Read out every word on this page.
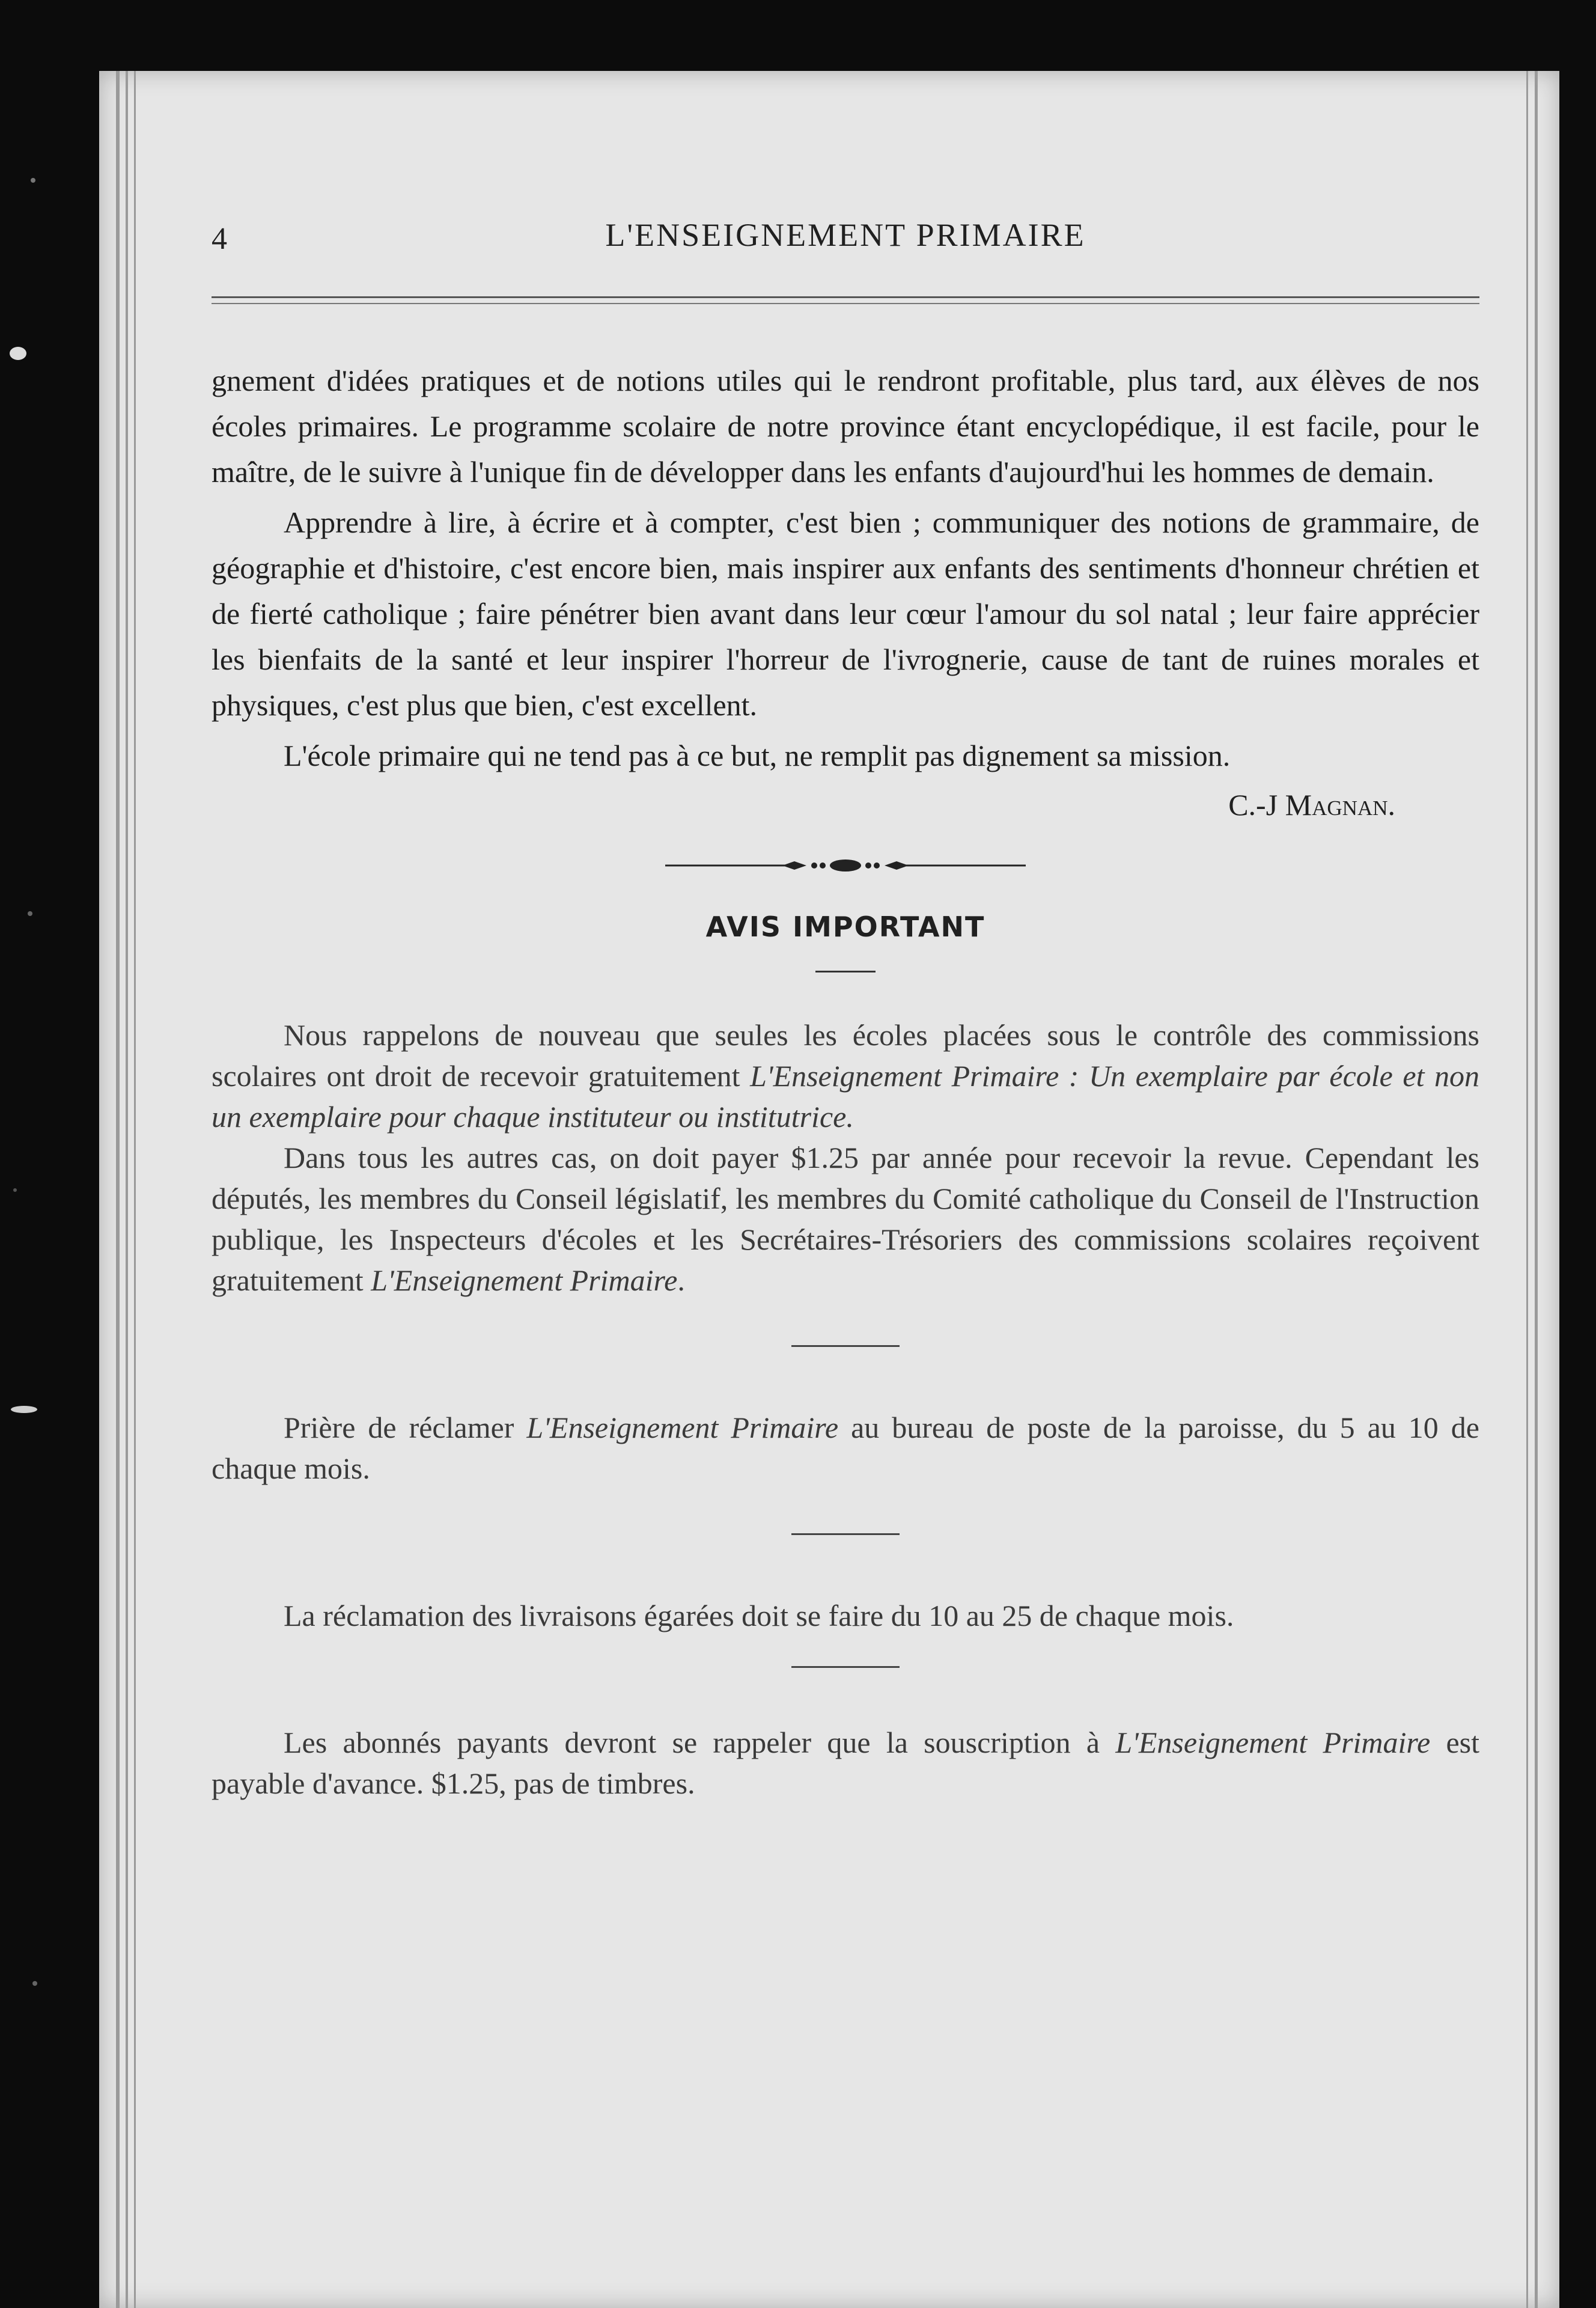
4	L'ENSEIGNEMENT PRIMAIRE

gnement d'idées pratiques et de notions utiles qui le rendront profitable, plus tard, aux élèves de nos écoles primaires. Le programme scolaire de notre province étant encyclopédique, il est facile, pour le maître, de le suivre à l'unique fin de développer dans les enfants d'aujourd'hui les hommes de demain.

Apprendre à lire, à écrire et à compter, c'est bien ; communiquer des notions de grammaire, de géographie et d'histoire, c'est encore bien, mais inspirer aux enfants des sentiments d'honneur chrétien et de fierté catholique ; faire pénétrer bien avant dans leur cœur l'amour du sol natal ; leur faire apprécier les bienfaits de la santé et leur inspirer l'horreur de l'ivrognerie, cause de tant de ruines morales et physiques, c'est plus que bien, c'est excellent.

L'école primaire qui ne tend pas à ce but, ne remplit pas dignement sa mission.

C.-J Magnan.
AVIS IMPORTANT

Nous rappelons de nouveau que seules les écoles placées sous le contrôle des commissions scolaires ont droit de recevoir gratuitement L'Enseignement Primaire : Un exemplaire par école et non un exemplaire pour chaque instituteur ou institutrice.

Dans tous les autres cas, on doit payer $1.25 par année pour recevoir la revue. Cependant les députés, les membres du Conseil législatif, les membres du Comité catholique du Conseil de l'Instruction publique, les Inspecteurs d'écoles et les Secrétaires-Trésoriers des commissions scolaires reçoivent gratuitement L'Enseignement Primaire.

Prière de réclamer L'Enseignement Primaire au bureau de poste de la paroisse, du 5 au 10 de chaque mois.

La réclamation des livraisons égarées doit se faire du 10 au 25 de chaque mois.

Les abonnés payants devront se rappeler que la souscription à L'Enseignement Primaire est payable d'avance. $1.25, pas de timbres.
